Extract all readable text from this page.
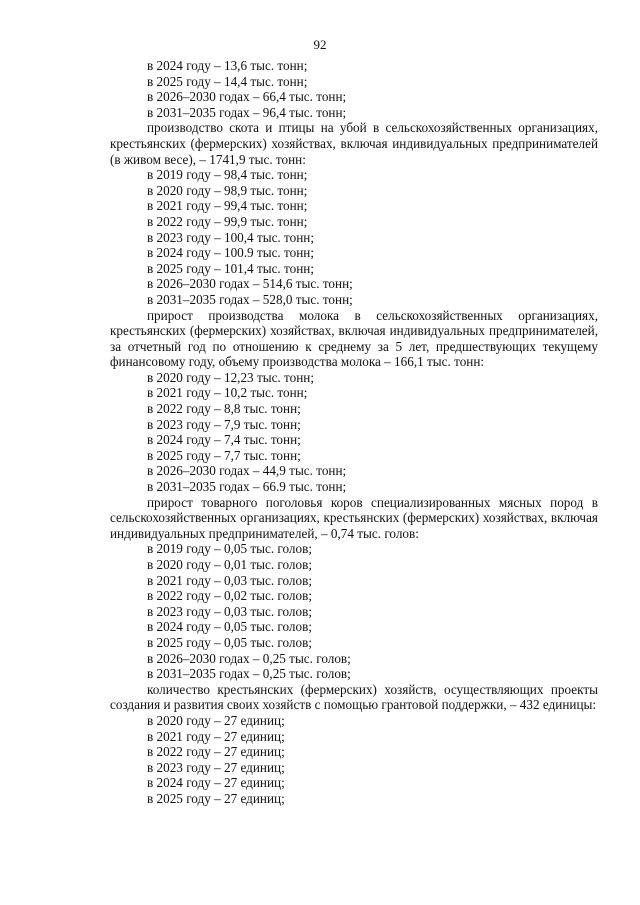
92
в 2024 году – 13,6 тыс. тонн;
в 2025 году – 14,4 тыс. тонн;
в 2026–2030 годах – 66,4 тыс. тонн;
в 2031–2035 годах – 96,4 тыс. тонн;
производство скота и птицы на убой в сельскохозяйственных организациях, крестьянских (фермерских) хозяйствах, включая индивидуальных предпринимателей (в живом весе), – 1741,9 тыс. тонн:
в 2019 году – 98,4 тыс. тонн;
в 2020 году – 98,9 тыс. тонн;
в 2021 году – 99,4 тыс. тонн;
в 2022 году – 99,9 тыс. тонн;
в 2023 году – 100,4 тыс. тонн;
в 2024 году – 100.9 тыс. тонн;
в 2025 году – 101,4 тыс. тонн;
в 2026–2030 годах – 514,6 тыс. тонн;
в 2031–2035 годах – 528,0 тыс. тонн;
прирост производства молока в сельскохозяйственных организациях, крестьянских (фермерских) хозяйствах, включая индивидуальных предпринимателей, за отчетный год по отношению к среднему за 5 лет, предшествующих текущему финансовому году, объему производства молока – 166,1 тыс. тонн:
в 2020 году – 12,23 тыс. тонн;
в 2021 году – 10,2 тыс. тонн;
в 2022 году – 8,8 тыс. тонн;
в 2023 году – 7,9 тыс. тонн;
в 2024 году – 7,4 тыс. тонн;
в 2025 году – 7,7 тыс. тонн;
в 2026–2030 годах – 44,9 тыс. тонн;
в 2031–2035 годах – 66.9 тыс. тонн;
прирост товарного поголовья коров специализированных мясных пород в сельскохозяйственных организациях, крестьянских (фермерских) хозяйствах, включая индивидуальных предпринимателей, – 0,74 тыс. голов:
в 2019 году – 0,05 тыс. голов;
в 2020 году – 0,01 тыс. голов;
в 2021 году – 0,03 тыс. голов;
в 2022 году – 0,02 тыс. голов;
в 2023 году – 0,03 тыс. голов;
в 2024 году – 0,05 тыс. голов;
в 2025 году – 0,05 тыс. голов;
в 2026–2030 годах – 0,25 тыс. голов;
в 2031–2035 годах – 0,25 тыс. голов;
количество крестьянских (фермерских) хозяйств, осуществляющих проекты создания и развития своих хозяйств с помощью грантовой поддержки, – 432 единицы:
в 2020 году – 27 единиц;
в 2021 году – 27 единиц;
в 2022 году – 27 единиц;
в 2023 году – 27 единиц;
в 2024 году – 27 единиц;
в 2025 году – 27 единиц;
